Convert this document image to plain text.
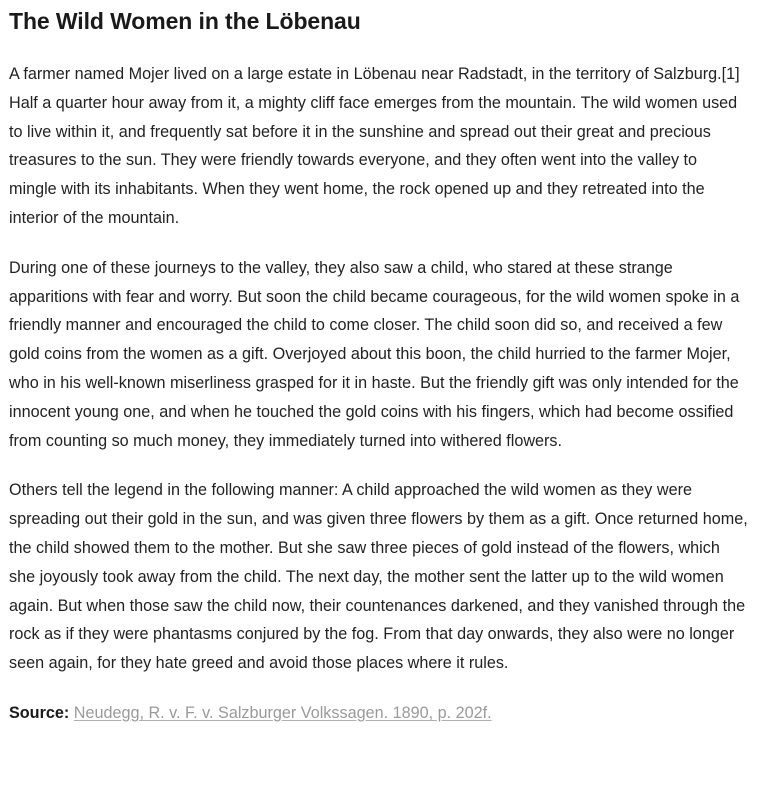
The Wild Women in the Löbenau

A farmer named Mojer lived on a large estate in Löbenau near Radstadt, in the territory of Salzburg.[1] Half a quarter hour away from it, a mighty cliff face emerges from the mountain. The wild women used to live within it, and frequently sat before it in the sunshine and spread out their great and precious treasures to the sun. They were friendly towards everyone, and they often went into the valley to mingle with its inhabitants. When they went home, the rock opened up and they retreated into the interior of the mountain.

During one of these journeys to the valley, they also saw a child, who stared at these strange apparitions with fear and worry. But soon the child became courageous, for the wild women spoke in a friendly manner and encouraged the child to come closer. The child soon did so, and received a few gold coins from the women as a gift. Overjoyed about this boon, the child hurried to the farmer Mojer, who in his well-known miserliness grasped for it in haste. But the friendly gift was only intended for the innocent young one, and when he touched the gold coins with his fingers, which had become ossified from counting so much money, they immediately turned into withered flowers.

Others tell the legend in the following manner: A child approached the wild women as they were spreading out their gold in the sun, and was given three flowers by them as a gift. Once returned home, the child showed them to the mother. But she saw three pieces of gold instead of the flowers, which she joyously took away from the child. The next day, the mother sent the latter up to the wild women again. But when those saw the child now, their countenances darkened, and they vanished through the rock as if they were phantasms conjured by the fog. From that day onwards, they also were no longer seen again, for they hate greed and avoid those places where it rules.

Source: Neudegg, R. v. F. v. Salzburger Volkssagen. 1890, p. 202f.
